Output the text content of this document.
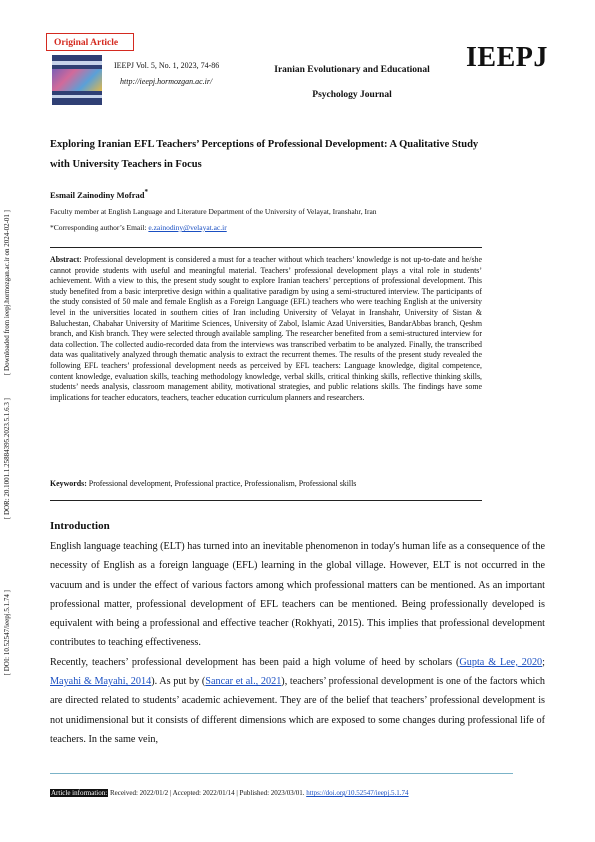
Original Article
IEEPJ Vol. 5, No. 1, 2023, 74-86
http://ieepj.hormozgan.ac.ir/
Iranian Evolutionary and Educational
Psychology Journal
IEEPJ
[ Downloaded from ieepj.hormozgan.ac.ir on 2024-02-01 ]
[ DOR: 20.1001.1.25884395.2023.5.1.6.3 ]
[ DOI: 10.52547/ieepj.5.1.74 ]
Exploring Iranian EFL Teachers’ Perceptions of Professional Development: A Qualitative Study
with University Teachers in Focus
Esmail Zainodiny Mofrad*
Faculty member at English Language and Literature Department of the University of Velayat, Iranshahr, Iran
*Corresponding author’s Email: e.zainodiny@velayat.ac.ir
Abstract: Professional development is considered a must for a teacher without which teachers’ knowledge is not up-to-date and he/she cannot provide students with useful and meaningful material. Teachers’ professional development plays a vital role in students’ achievement. With a view to this, the present study sought to explore Iranian teachers’ perceptions of professional development. This study benefited from a basic interpretive design within a qualitative paradigm by using a semi-structured interview. The participants of the study consisted of 50 male and female English as a Foreign Language (EFL) teachers who were teaching English at the university level in the universities located in southern cities of Iran including University of Velayat in Iranshahr, University of Sistan & Baluchestan, Chabahar University of Maritime Sciences, University of Zabol, Islamic Azad Universities, BandarAbbas branch, Qeshm branch, and Kish branch. They were selected through available sampling. The researcher benefited from a semi-structured interview for data collection. The collected audio-recorded data from the interviews was transcribed verbatim to be analyzed. Finally, the transcribed data was qualitatively analyzed through thematic analysis to extract the recurrent themes. The results of the present study revealed the following EFL teachers’ professional development needs as perceived by EFL teachers: Language knowledge, digital competence, content knowledge, evaluation skills, teaching methodology knowledge, verbal skills, critical thinking skills, reflective thinking skills, students’ needs analysis, classroom management ability, motivational strategies, and public relations skills. The findings have some implications for teacher educators, teachers, teacher education curriculum planners and researchers.
Keywords: Professional development, Professional practice, Professionalism, Professional skills
Introduction

English language teaching (ELT) has turned into an inevitable phenomenon in today's human life as a consequence of the necessity of English as a foreign language (EFL) learning in the global village. However, ELT is not occurred in the vacuum and is under the effect of various factors among which professional matters can be mentioned. As an important professional matter, professional development of EFL teachers can be mentioned. Being professionally developed is equivalent with being a professional and effective teacher (Rokhyati, 2015). This implies that professional development contributes to teaching effectiveness.

Recently, teachers’ professional development has been paid a high volume of heed by scholars (Gupta & Lee, 2020; Mayahi & Mayahi, 2014). As put by (Sancar et al., 2021), teachers’ professional development is one of the factors which are directed related to students’ academic achievement. They are of the belief that teachers’ professional development is not unidimensional but it consists of different dimensions which are exposed to some changes during professional life of teachers. In the same vein,

Article information: Received: 2022/01/2 | Accepted: 2022/01/14 | Published: 2023/03/01. https://doi.org/10.52547/ieepj.5.1.74
